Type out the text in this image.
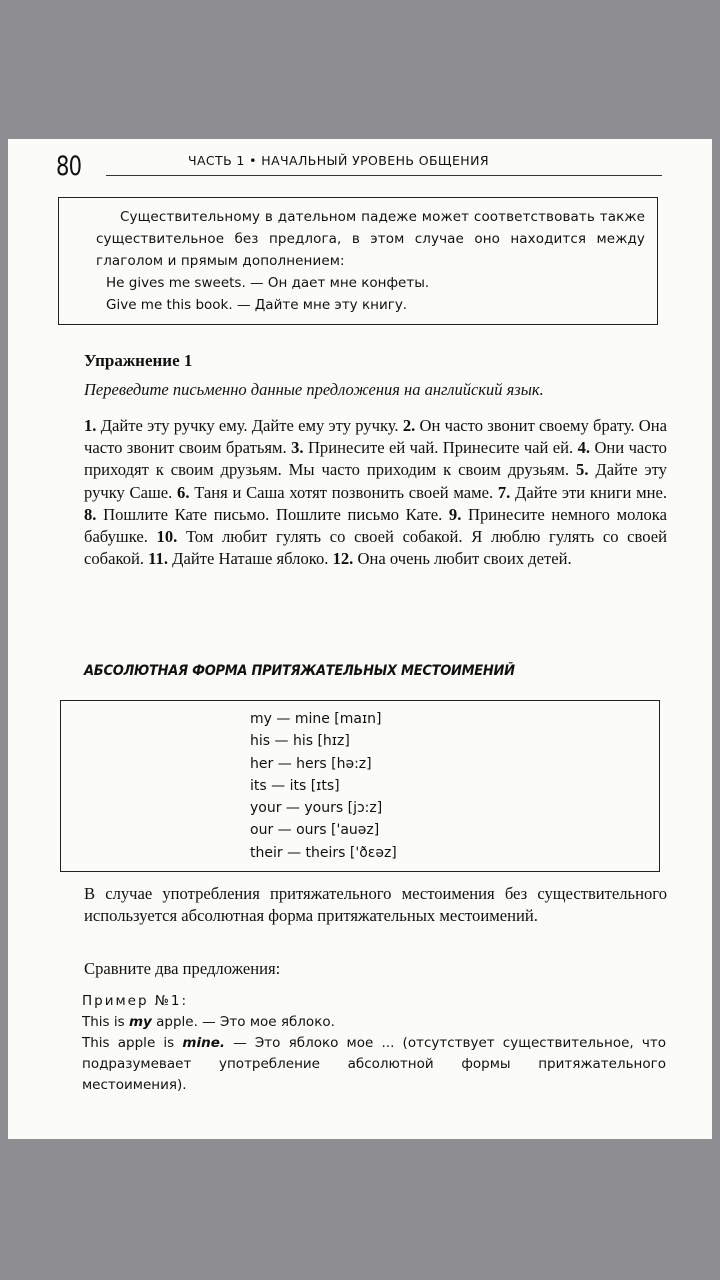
80	ЧАСТЬ 1 • НАЧАЛЬНЫЙ УРОВЕНЬ ОБЩЕНИЯ
Существительному в дательном падеже может соответствовать также существительное без предлога, в этом случае оно находится между глаголом и прямым дополнением:
He gives me sweets. — Он дает мне конфеты.
Give me this book. — Дайте мне эту книгу.
Упражнение 1
Переведите письменно данные предложения на английский язык.
1. Дайте эту ручку ему. Дайте ему эту ручку. 2. Он часто звонит своему брату. Она часто звонит своим братьям. 3. Принесите ей чай. Принесите чай ей. 4. Они часто приходят к своим друзьям. Мы часто приходим к своим друзьям. 5. Дайте эту ручку Саше. 6. Таня и Саша хотят позвонить своей маме. 7. Дайте эти книги мне. 8. Пошлите Кате письмо. Пошлите письмо Кате. 9. Принесите немного молока бабушке. 10. Том любит гулять со своей собакой. Я люблю гулять со своей собакой. 11. Дайте Наташе яблоко. 12. Она очень любит своих детей.
АБСОЛЮТНАЯ ФОРМА ПРИТЯЖАТЕЛЬНЫХ МЕСТОИМЕНИЙ
my — mine [maɪn]
his — his [hɪz]
her — hers [hə:z]
its — its [ɪts]
your — yours [jɔ:z]
our — ours ['auəz]
their — theirs ['ðɛəz]
В случае употребления притяжательного местоимения без существительного используется абсолютная форма притяжательных местоимений.
Сравните два предложения:
Пример №1:
This is my apple. — Это мое яблоко.
This apple is mine. — Это яблоко мое ... (отсутствует существительное, что подразумевает употребление абсолютной формы притяжательного местоимения).
